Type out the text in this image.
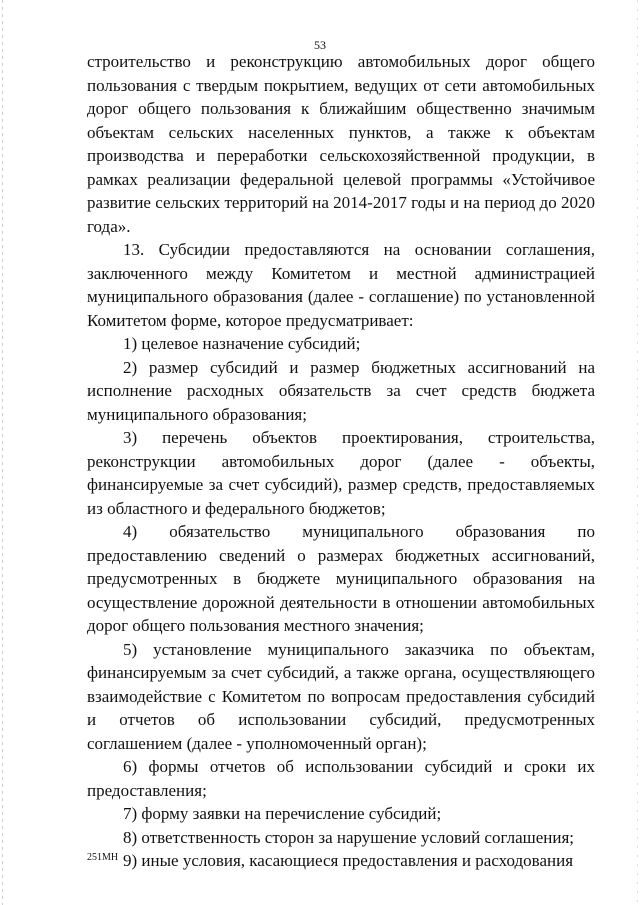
53

строительство и реконструкцию автомобильных дорог общего пользования с твердым покрытием, ведущих от сети автомобильных дорог общего пользования к ближайшим общественно значимым объектам сельских населенных пунктов, а также к объектам производства и переработки сельскохозяйственной продукции, в рамках реализации федеральной целевой программы «Устойчивое развитие сельских территорий на 2014-2017 годы и на период до 2020 года».

13. Субсидии предоставляются на основании соглашения, заключенного между Комитетом и местной администрацией муниципального образования (далее - соглашение) по установленной Комитетом форме, которое предусматривает:

1) целевое назначение субсидий;

2) размер субсидий и размер бюджетных ассигнований на исполнение расходных обязательств за счет средств бюджета муниципального образования;

3) перечень объектов проектирования, строительства, реконструкции автомобильных дорог (далее - объекты, финансируемые за счет субсидий), размер средств, предоставляемых из областного и федерального бюджетов;

4) обязательство муниципального образования по предоставлению сведений о размерах бюджетных ассигнований, предусмотренных в бюджете муниципального образования на осуществление дорожной деятельности в отношении автомобильных дорог общего пользования местного значения;

5) установление муниципального заказчика по объектам, финансируемым за счет субсидий, а также органа, осуществляющего взаимодействие с Комитетом по вопросам предоставления субсидий и отчетов об использовании субсидий, предусмотренных соглашением (далее - уполномоченный орган);

6) формы отчетов об использовании субсидий и сроки их предоставления;

7) форму заявки на перечисление субсидий;

8) ответственность сторон за нарушение условий соглашения;

9) иные условия, касающиеся предоставления и расходования

251МН
